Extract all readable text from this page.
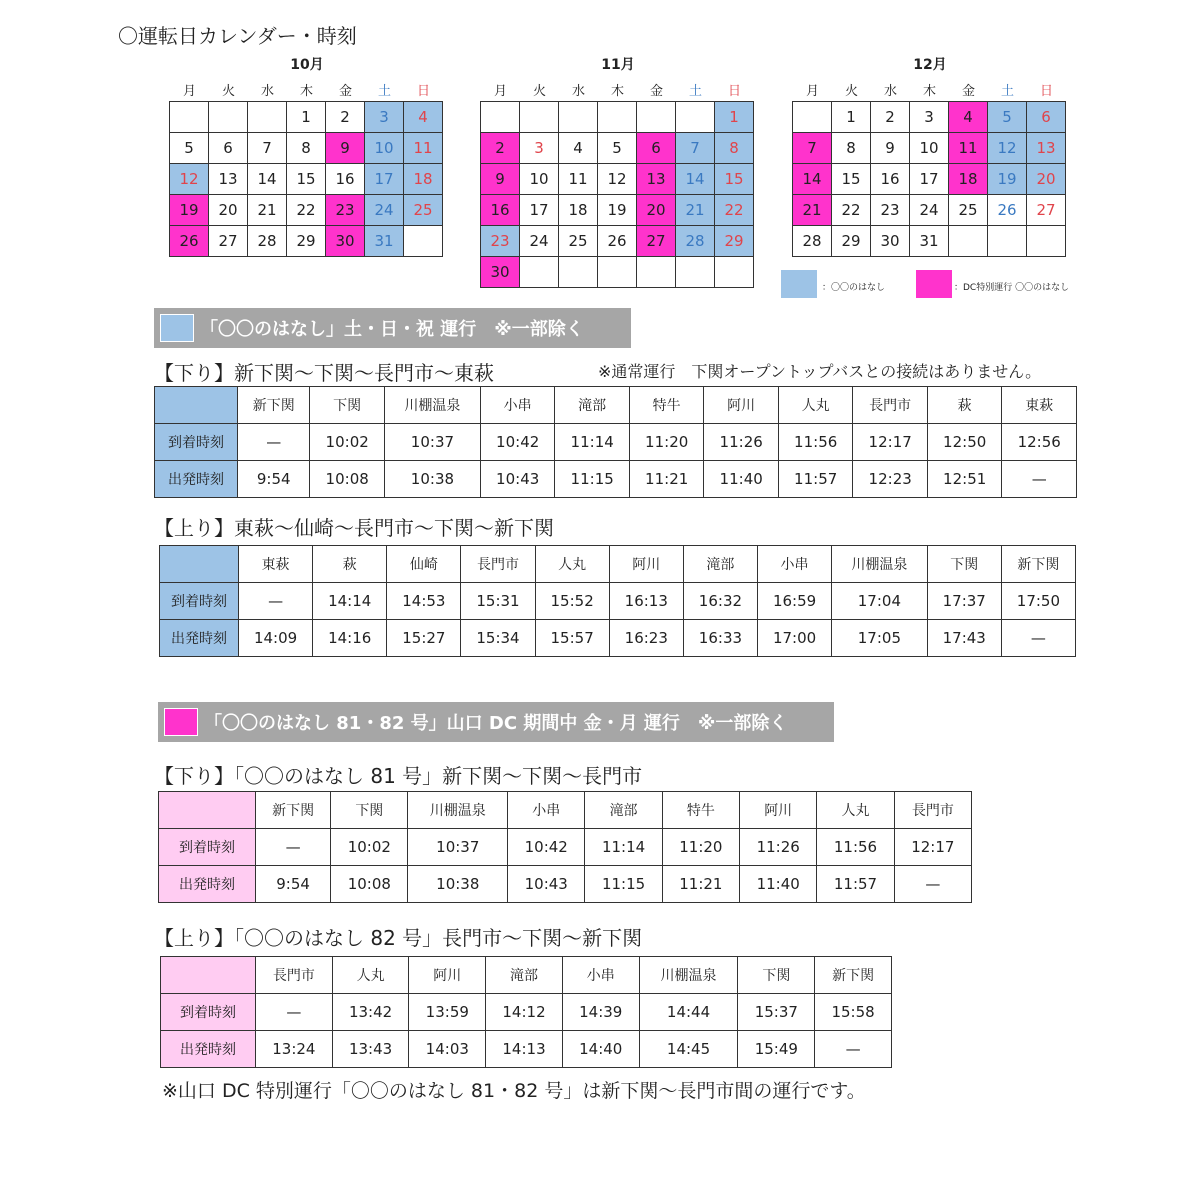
〇運転日カレンダー・時刻
10月
月	火	水	木	金	土	日
			1	2	3	4
5	6	7	8	9	10	11
12	13	14	15	16	17	18
19	20	21	22	23	24	25
26	27	28	29	30	31	
11月
月	火	水	木	金	土	日
						1
2	3	4	5	6	7	8
9	10	11	12	13	14	15
16	17	18	19	20	21	22
23	24	25	26	27	28	29
30						
12月
月	火	水	木	金	土	日
	1	2	3	4	5	6
7	8	9	10	11	12	13
14	15	16	17	18	19	20
21	22	23	24	25	26	27
28	29	30	31			
：〇〇のはなし	：DC特別運行 〇〇のはなし
「〇〇のはなし」土・日・祝 運行　※一部除く
【下り】新下関〜下関〜長門市〜東萩	※通常運行　下関オープントップバスとの接続はありません。
	新下関	下関	川棚温泉	小串	滝部	特牛	阿川	人丸	長門市	萩	東萩
到着時刻	—	10:02	10:37	10:42	11:14	11:20	11:26	11:56	12:17	12:50	12:56
出発時刻	9:54	10:08	10:38	10:43	11:15	11:21	11:40	11:57	12:23	12:51	—
【上り】東萩〜仙崎〜長門市〜下関〜新下関
	東萩	萩	仙崎	長門市	人丸	阿川	滝部	小串	川棚温泉	下関	新下関
到着時刻	—	14:14	14:53	15:31	15:52	16:13	16:32	16:59	17:04	17:37	17:50
出発時刻	14:09	14:16	15:27	15:34	15:57	16:23	16:33	17:00	17:05	17:43	—
「〇〇のはなし 81・82 号」山口 DC 期間中 金・月 運行　※一部除く
【下り】「〇〇のはなし 81 号」新下関〜下関〜長門市
	新下関	下関	川棚温泉	小串	滝部	特牛	阿川	人丸	長門市
到着時刻	—	10:02	10:37	10:42	11:14	11:20	11:26	11:56	12:17
出発時刻	9:54	10:08	10:38	10:43	11:15	11:21	11:40	11:57	—
【上り】「〇〇のはなし 82 号」長門市〜下関〜新下関
	長門市	人丸	阿川	滝部	小串	川棚温泉	下関	新下関
到着時刻	—	13:42	13:59	14:12	14:39	14:44	15:37	15:58
出発時刻	13:24	13:43	14:03	14:13	14:40	14:45	15:49	—
※山口 DC 特別運行「〇〇のはなし 81・82 号」は新下関〜長門市間の運行です。
